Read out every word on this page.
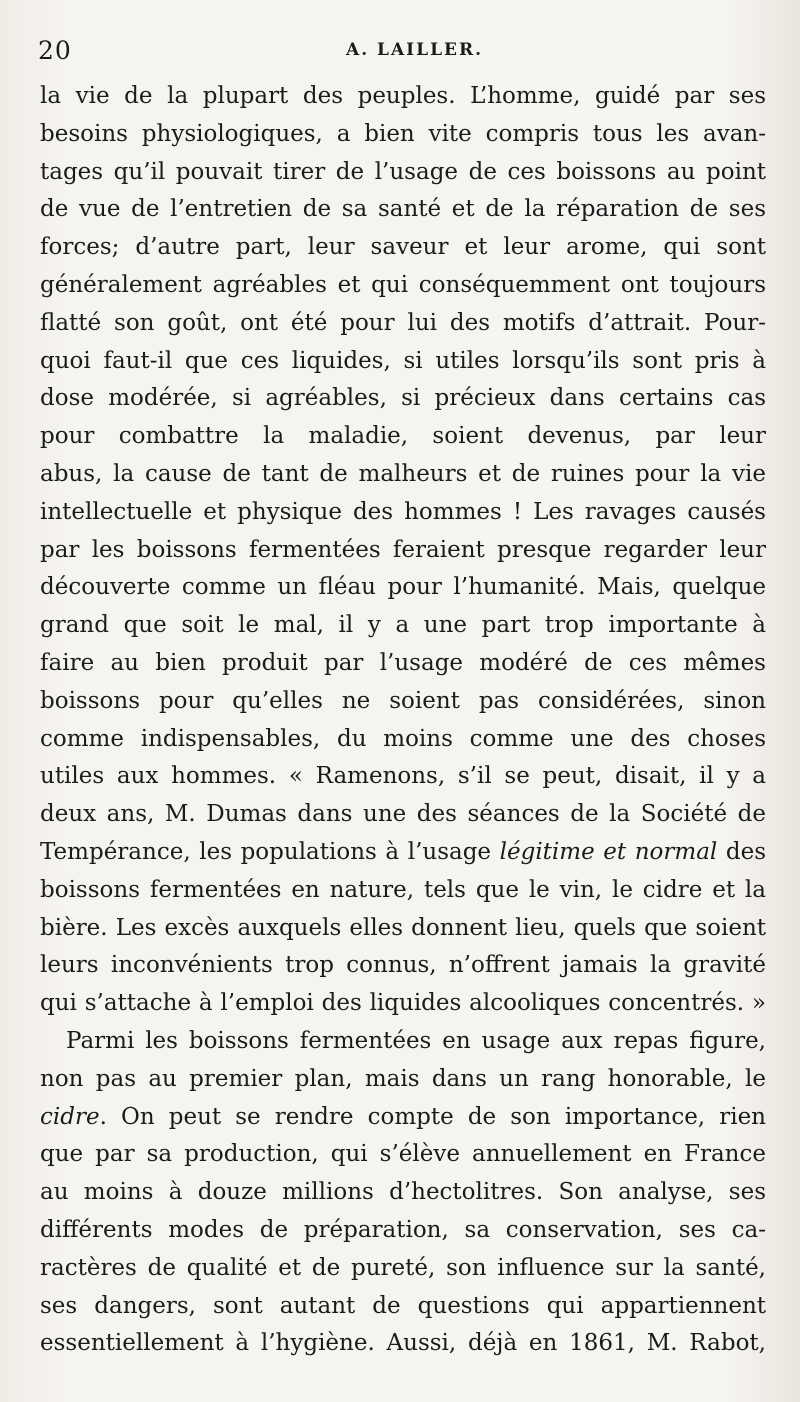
20	A. LAILLER.
la vie de la plupart des peuples. L’homme, guidé par ses
besoins physiologiques, a bien vite compris tous les avan-
tages qu’il pouvait tirer de l’usage de ces boissons au point
de vue de l’entretien de sa santé et de la réparation de ses
forces; d’autre part, leur saveur et leur arome, qui sont
généralement agréables et qui conséquemment ont toujours
flatté son goût, ont été pour lui des motifs d’attrait. Pour-
quoi faut-il que ces liquides, si utiles lorsqu’ils sont pris à
dose modérée, si agréables, si précieux dans certains cas
pour combattre la maladie, soient devenus, par leur
abus, la cause de tant de malheurs et de ruines pour la vie
intellectuelle et physique des hommes ! Les ravages causés
par les boissons fermentées feraient presque regarder leur
découverte comme un fléau pour l’humanité. Mais, quelque
grand que soit le mal, il y a une part trop importante à
faire au bien produit par l’usage modéré de ces mêmes
boissons pour qu’elles ne soient pas considérées, sinon
comme indispensables, du moins comme une des choses
utiles aux hommes. « Ramenons, s’il se peut, disait, il y a
deux ans, M. Dumas dans une des séances de la Société de
Tempérance, les populations à l’usage légitime et normal des
boissons fermentées en nature, tels que le vin, le cidre et la
bière. Les excès auxquels elles donnent lieu, quels que soient
leurs inconvénients trop connus, n’offrent jamais la gravité
qui s’attache à l’emploi des liquides alcooliques concentrés. »
Parmi les boissons fermentées en usage aux repas figure,
non pas au premier plan, mais dans un rang honorable, le
cidre. On peut se rendre compte de son importance, rien
que par sa production, qui s’élève annuellement en France
au moins à douze millions d’hectolitres. Son analyse, ses
différents modes de préparation, sa conservation, ses ca-
ractères de qualité et de pureté, son influence sur la santé,
ses dangers, sont autant de questions qui appartiennent
essentiellement à l’hygiène. Aussi, déjà en 1861, M. Rabot,
